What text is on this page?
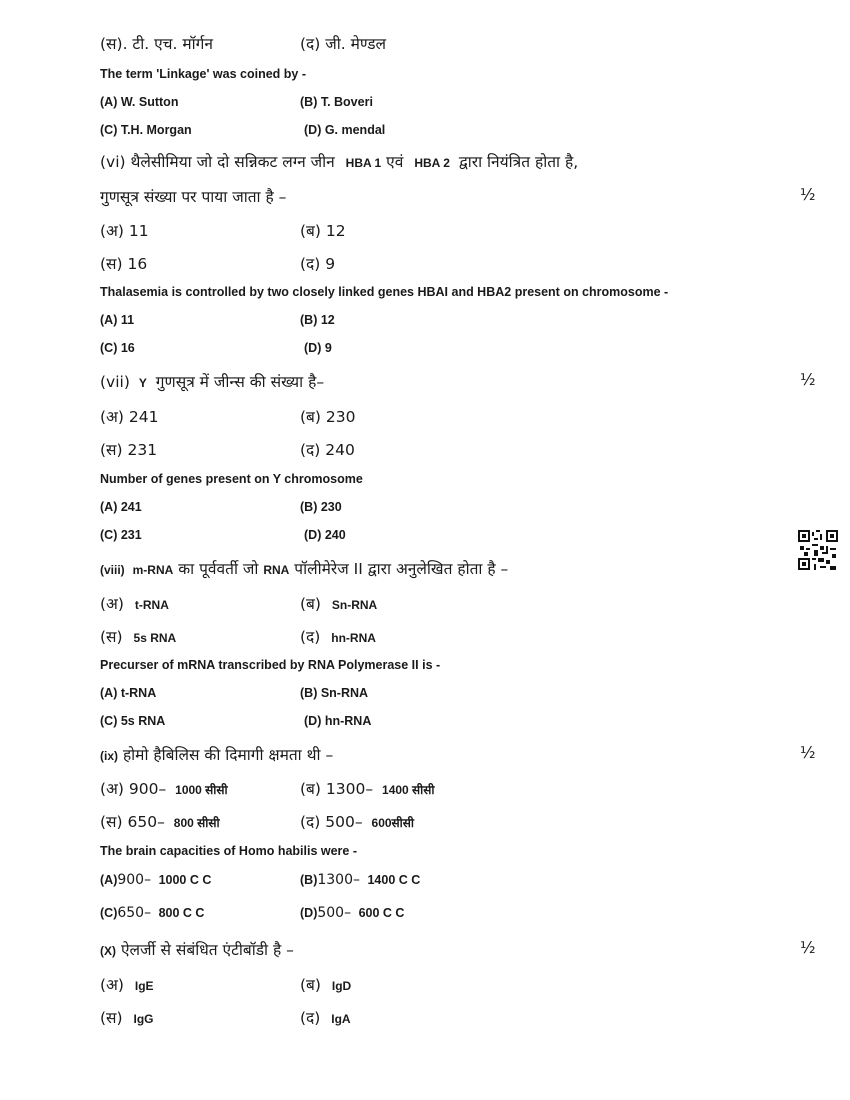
(स). टी. एच. मॉर्गन	(द) जी. मेण्डल
The term 'Linkage' was coined by -
(A) W. Sutton	(B) T. Boveri
(C) T.H. Morgan	(D) G. mendal
(vi) थैलेसीमिया जो दो सन्निकट लग्न जीन HBA 1 एवं HBA 2 द्वारा नियंत्रित होता है,
गुणसूत्र संख्या पर पाया जाता है –	½
(अ) 11	(ब) 12
(स) 16	(द) 9
Thalasemia is controlled by two closely linked genes HBAI and HBA2 present on chromosome -
(A) 11	(B) 12
(C) 16	(D) 9
(vii) Y गुणसूत्र में जीन्स की संख्या है–	½
(अ) 241	(ब) 230
(स) 231	(द) 240
Number of genes present on Y chromosome
(A) 241	(B) 230
(C) 231	(D) 240
(viii) m-RNA का पूर्ववर्ती जो RNA पॉलीमेरेज II द्वारा अनुलेखित होता है –
(अ) t-RNA	(ब) Sn-RNA
(स) 5s RNA	(द) hn-RNA
Precurser of mRNA transcribed by RNA Polymerase II is -
(A) t-RNA	(B) Sn-RNA
(C) 5s RNA	(D) hn-RNA
(ix) होमो हैबिलिस की दिमागी क्षमता थी –	½
(अ) 900– 1000 सीसी	(ब) 1300– 1400 सीसी
(स) 650– 800 सीसी	(द) 500– 600सीसी
The brain capacities of Homo habilis were -
(A)900– 1000 C C	(B)1300– 1400 C C
(C)650– 800 C C	(D)500– 600 C C
(X) ऐलर्जी से संबंधित एंटीबॉडी है –	½
(अ) IgE	(ब) IgD
(स) IgG	(द) IgA
